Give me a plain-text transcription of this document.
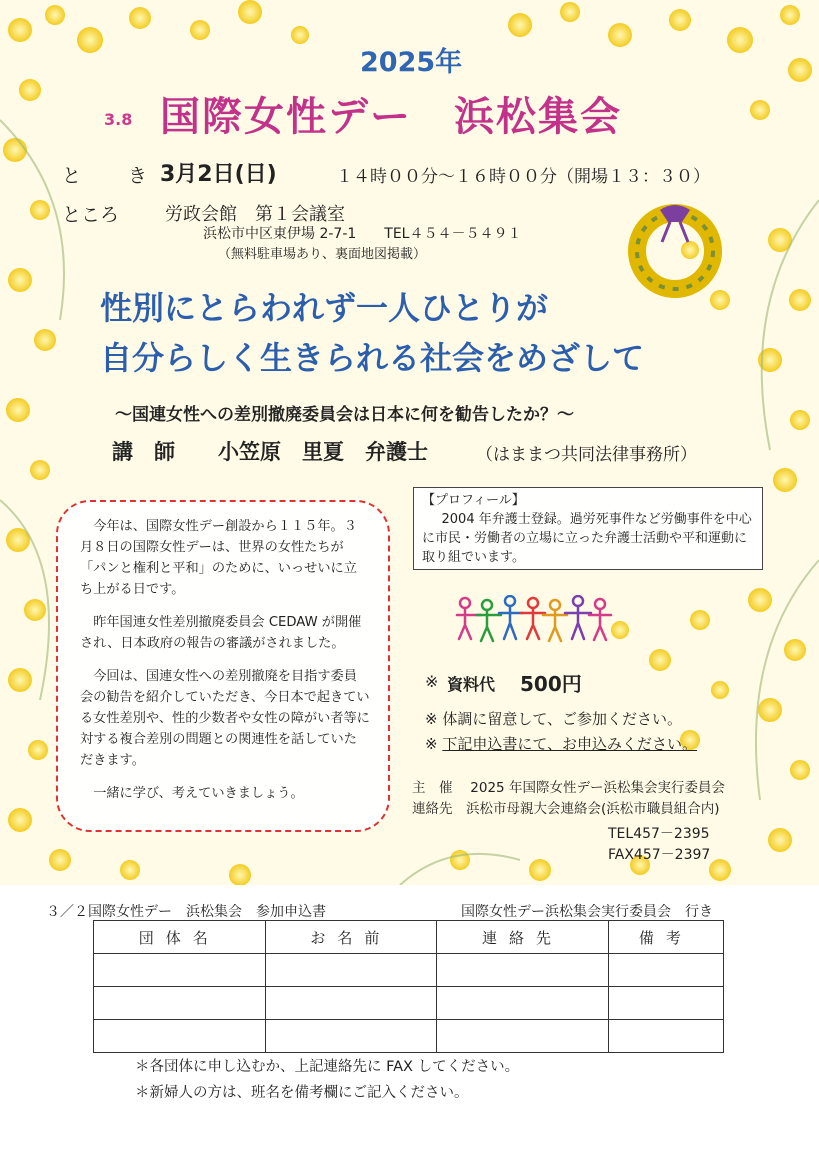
2025年
3.8 国際女性デー　浜松集会
と　き
3月2日(日)	１４時００分～１６時００分（開場１３：３０）
ところ	労政会館　第１会議室
浜松市中区東伊場 2-7-1　　TEL４５４－５４９１
（無料駐車場あり、裏面地図掲載）
性別にとらわれず一人ひとりが
自分らしく生きられる社会をめざして
～国連女性への差別撤廃委員会は日本に何を勧告したか？～
講　師 小笠原　里夏　弁護士	（はままつ共同法律事務所）

今年は、国際女性デー創設から１１５年。３月８日の国際女性デーは、世界の女性たちが「パンと権利と平和」のために、いっせいに立ち上がる日です。

昨年国連女性差別撤廃委員会 CEDAW が開催され、日本政府の報告の審議がされました。

今回は、国連女性への差別撤廃を目指す委員会の勧告を紹介していただき、今日本で起きている女性差別や、性的少数者や女性の障がい者等に対する複合差別の問題との関連性を話していただきます。

一緒に学び、考えていきましょう。

【プロフィール】
2004 年弁護士登録。過労死事件など労働事件を中心に市民・労働者の立場に立った弁護士活動や平和運動に取り組でいます。
※ 資料代 500円
※ 体調に留意して、ご参加ください。
※ 下記申込書にて、お申込みください。
主　催　 2025 年国際女性デー浜松集会実行委員会
連絡先　浜松市母親大会連絡会(浜松市職員組合内)
TEL457－2395
FAX457－2397
３／２国際女性デー　浜松集会　参加申込書	国際女性デー浜松集会実行委員会　行き
団体名	お名前	連絡先	備考

＊各団体に申し込むか、上記連絡先に FAX してください。
＊新婦人の方は、班名を備考欄にご記入ください。
